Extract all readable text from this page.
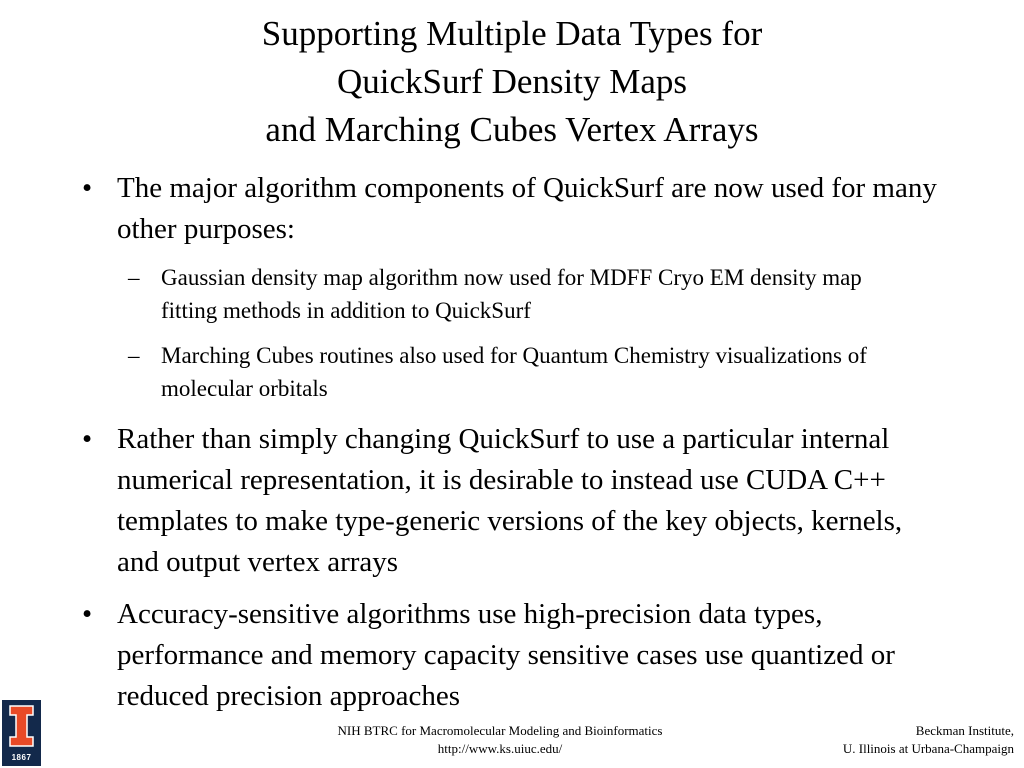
Supporting Multiple Data Types for
QuickSurf Density Maps
and Marching Cubes Vertex Arrays
• The major algorithm components of QuickSurf are now used for many other purposes:
– Gaussian density map algorithm now used for MDFF Cryo EM density map fitting methods in addition to QuickSurf
– Marching Cubes routines also used for Quantum Chemistry visualizations of molecular orbitals
• Rather than simply changing QuickSurf to use a particular internal numerical representation, it is desirable to instead use CUDA C++ templates to make type-generic versions of the key objects, kernels, and output vertex arrays
• Accuracy-sensitive algorithms use high-precision data types, performance and memory capacity sensitive cases use quantized or reduced precision approaches
1867
NIH BTRC for Macromolecular Modeling and Bioinformatics
http://www.ks.uiuc.edu/
Beckman Institute,
U. Illinois at Urbana-Champaign
